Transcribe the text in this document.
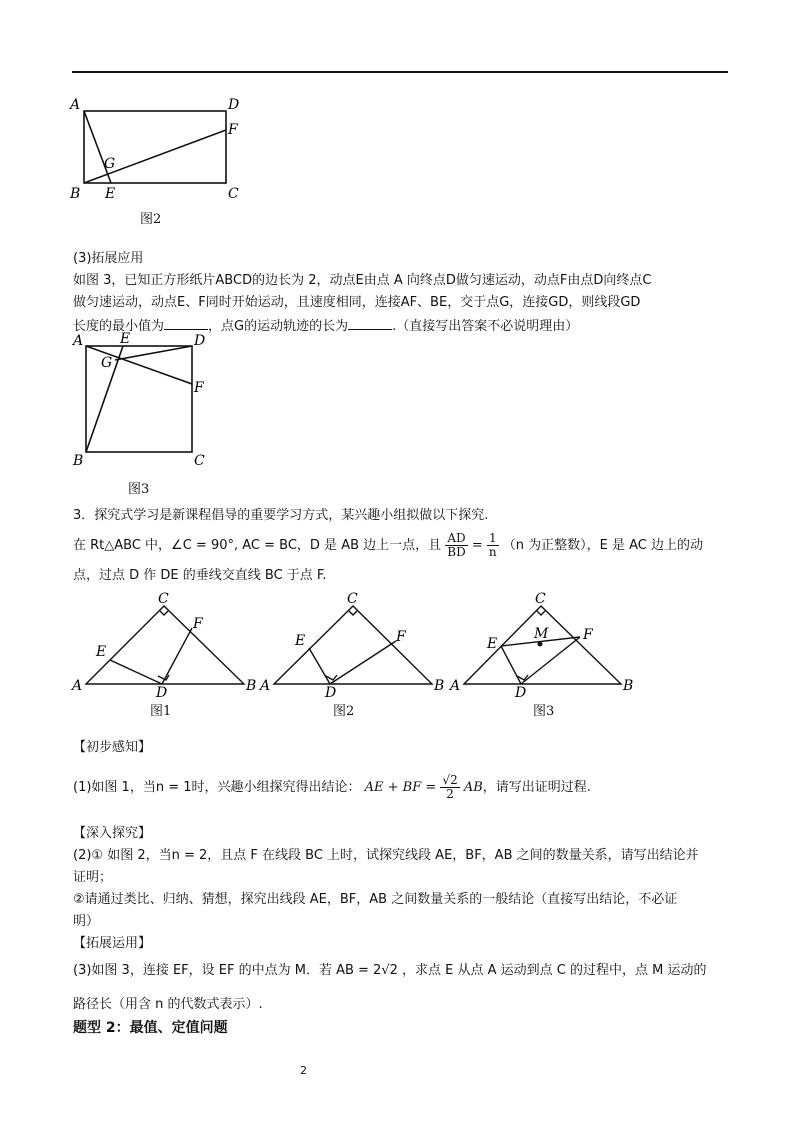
A	D
F
G
B E	C
A	E	D
G
F
B	C
C
F
E
A	D	B
C
F
E
A	D	B
C
M F
E
A	D	B
图2
(3)拓展应用
如图 3，已知正方形纸片ABCD的边长为 2，动点E由点 A 向终点D做匀速运动，动点F由点D向终点C
做匀速运动，动点E、F同时开始运动，且速度相同，连接AF、BE，交于点G，连接GD，则线段GD
长度的最小值为	，点G的运动轨迹的长为	.（直接写出答案不必说明理由）
图3
3．探究式学习是新课程倡导的重要学习方式，某兴趣小组拟做以下探究.
在 Rt△ABC 中，∠C = 90°, AC = BC，D 是 AB 边上一点，且 $\frac{AD}{BD} = \frac{1}{n} (n$ 为正整数），E 是 AC 边上的动
点，过点 D 作 DE 的垂线交直线 BC 于点 F.
图1	图2	图3
【初步感知】
(1)如图 1，当n = 1时，兴趣小组探究得出结论： AE + BF = $\frac{√2}{2}$ AB，请写出证明过程.
【深入探究】
(2)① 如图 2，当n = 2，且点 F 在线段 BC 上时，试探究线段 AE，BF，AB 之间的数量关系，请写出结论并
证明；
②请通过类比、归纳、猜想，探究出线段 AE，BF，AB 之间数量关系的一般结论（直接写出结论，不必证
明）
【拓展运用】
(3)如图 3，连接 EF，设 EF 的中点为 M．若 AB = 2√2 ，求点 E 从点 A 运动到点 C 的过程中，点 M 运动的
路径长（用含 n 的代数式表示）.
题型 2：最值、定值问题
2
